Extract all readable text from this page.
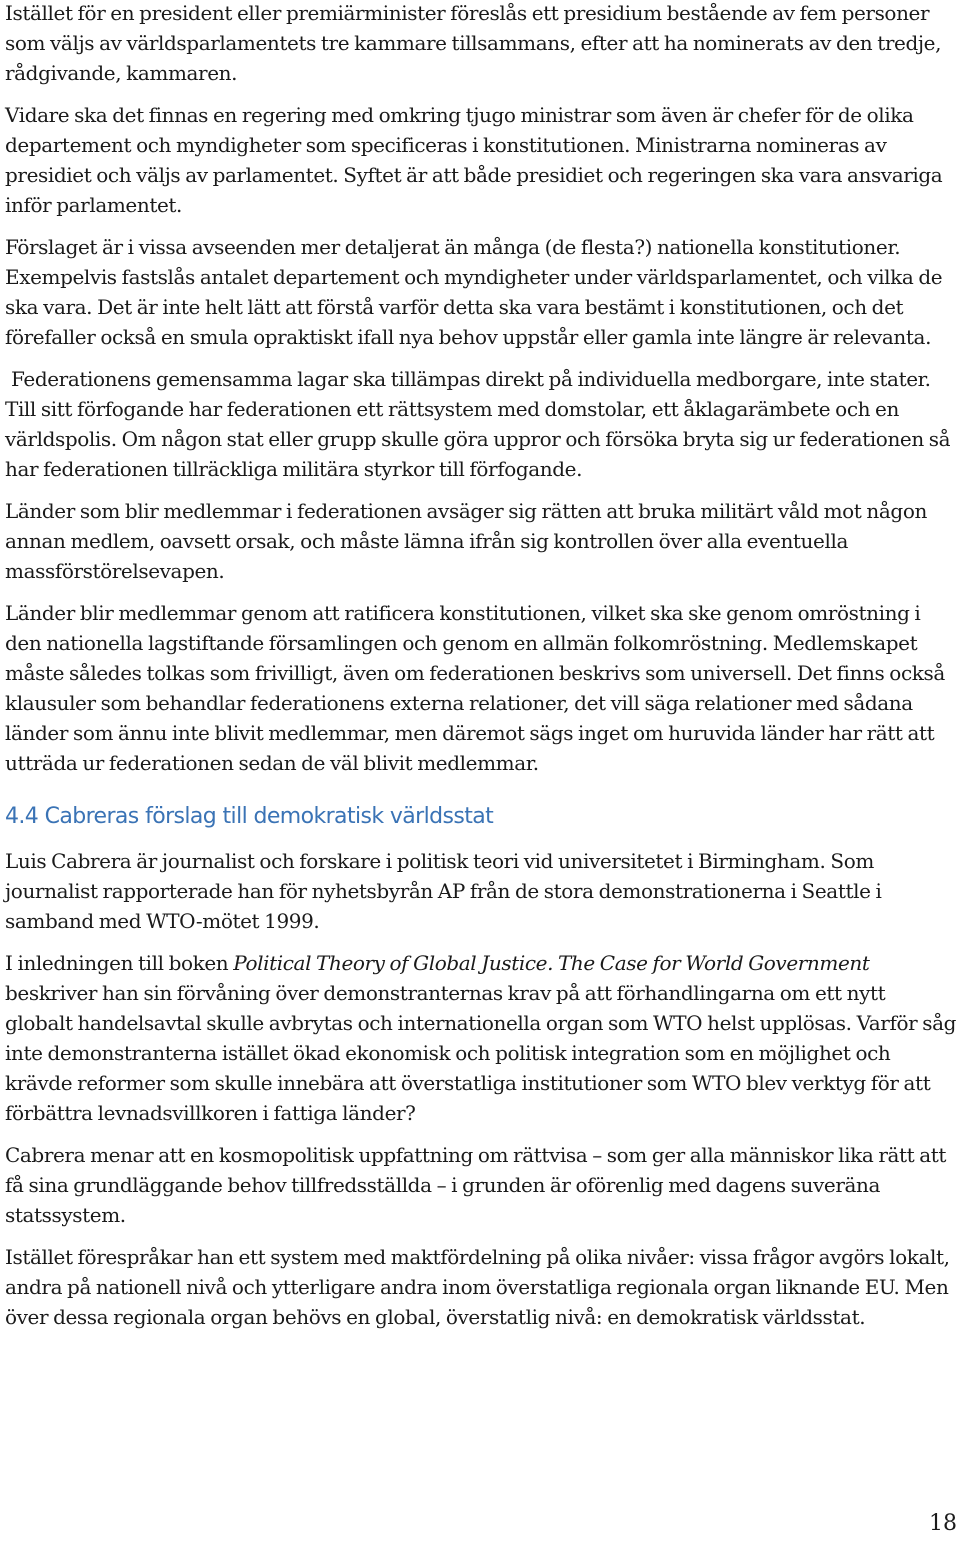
Istället för en president eller premiärminister föreslås ett presidium bestående av fem personer som väljs av världsparlamentets tre kammare tillsammans, efter att ha nominerats av den tredje, rådgivande, kammaren.

Vidare ska det finnas en regering med omkring tjugo ministrar som även är chefer för de olika departement och myndigheter som specificeras i konstitutionen. Ministrarna nomineras av presidiet och väljs av parlamentet. Syftet är att både presidiet och regeringen ska vara ansvariga inför parlamentet.

Förslaget är i vissa avseenden mer detaljerat än många (de flesta?) nationella konstitutioner. Exempelvis fastslås antalet departement och myndigheter under världsparlamentet, och vilka de ska vara. Det är inte helt lätt att förstå varför detta ska vara bestämt i konstitutionen, och det förefaller också en smula opraktiskt ifall nya behov uppstår eller gamla inte längre är relevanta.

Federationens gemensamma lagar ska tillämpas direkt på individuella medborgare, inte stater. Till sitt förfogande har federationen ett rättsystem med domstolar, ett åklagarämbete och en världspolis. Om någon stat eller grupp skulle göra uppror och försöka bryta sig ur federationen så har federationen tillräckliga militära styrkor till förfogande.

Länder som blir medlemmar i federationen avsäger sig rätten att bruka militärt våld mot någon annan medlem, oavsett orsak, och måste lämna ifrån sig kontrollen över alla eventuella massförstörelsevapen.

Länder blir medlemmar genom att ratificera konstitutionen, vilket ska ske genom omröstning i den nationella lagstiftande församlingen och genom en allmän folkomröstning. Medlemskapet måste således tolkas som frivilligt, även om federationen beskrivs som universell. Det finns också klausuler som behandlar federationens externa relationer, det vill säga relationer med sådana länder som ännu inte blivit medlemmar, men däremot sägs inget om huruvida länder har rätt att utträda ur federationen sedan de väl blivit medlemmar.

4.4 Cabreras förslag till demokratisk världsstat

Luis Cabrera är journalist och forskare i politisk teori vid universitetet i Birmingham. Som journalist rapporterade han för nyhetsbyrån AP från de stora demonstrationerna i Seattle i samband med WTO-mötet 1999.

I inledningen till boken Political Theory of Global Justice. The Case for World Government beskriver han sin förvåning över demonstranternas krav på att förhandlingarna om ett nytt globalt handelsavtal skulle avbrytas och internationella organ som WTO helst upplösas. Varför såg inte demonstranterna istället ökad ekonomisk och politisk integration som en möjlighet och krävde reformer som skulle innebära att överstatliga institutioner som WTO blev verktyg för att förbättra levnadsvillkoren i fattiga länder?

Cabrera menar att en kosmopolitisk uppfattning om rättvisa – som ger alla människor lika rätt att få sina grundläggande behov tillfredsställda – i grunden är oförenlig med dagens suveräna statssystem.

Istället förespråkar han ett system med maktfördelning på olika nivåer: vissa frågor avgörs lokalt, andra på nationell nivå och ytterligare andra inom överstatliga regionala organ liknande EU. Men över dessa regionala organ behövs en global, överstatlig nivå: en demokratisk världsstat.

18
